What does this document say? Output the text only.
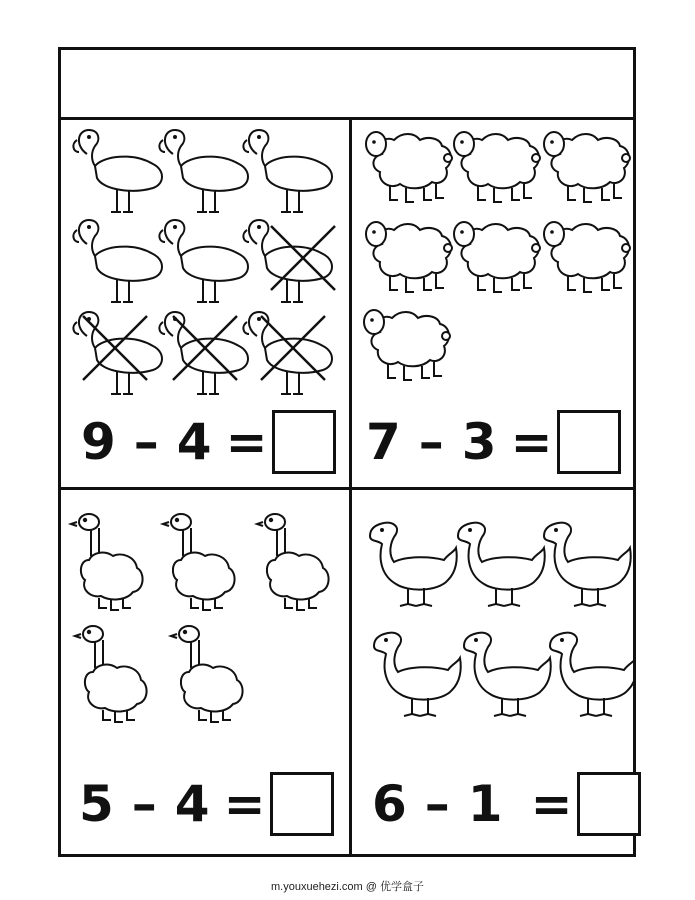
9 – 4 = 7 – 3 =
5 – 4 = 6 – 1 =
m.youxuehezi.com @ 优学盒子
